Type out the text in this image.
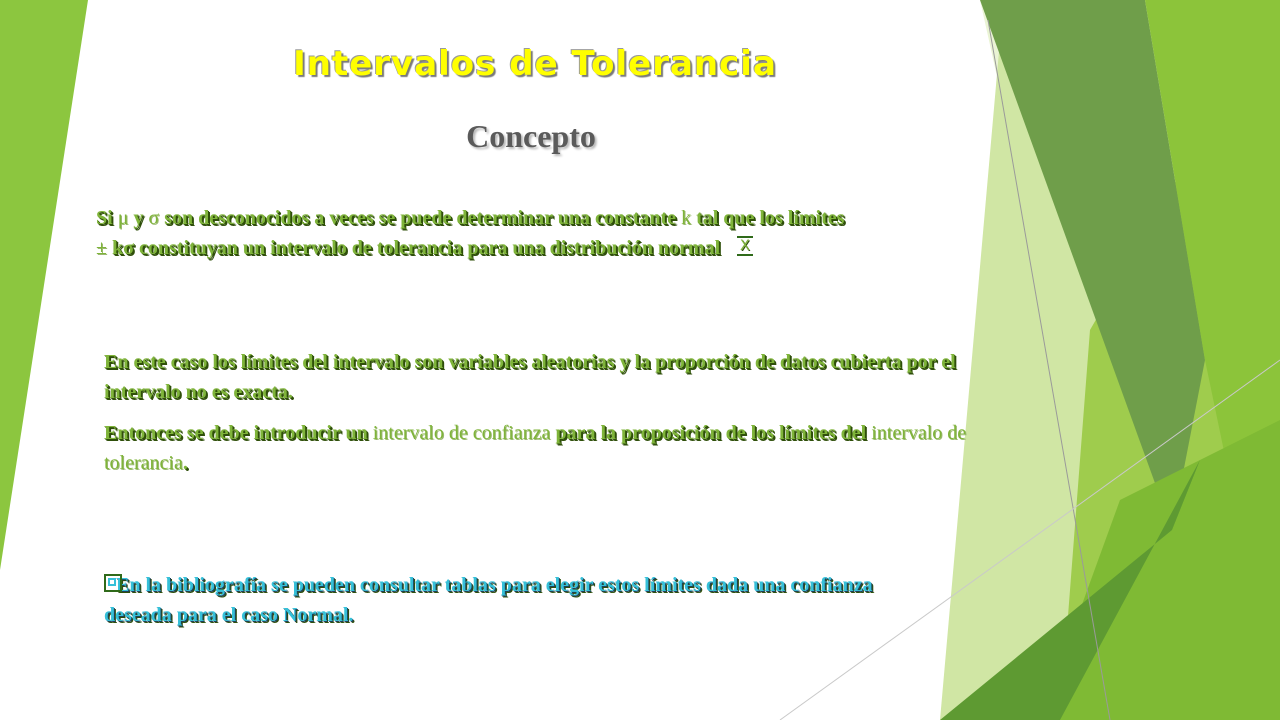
Intervalos de Tolerancia
Concepto
Si μ y σ son desconocidos a veces se puede determinar una constante k tal que los límites
± kσ constituyan un intervalo de tolerancia para una distribución normal X
En este caso los límites del intervalo son variables aleatorias y la proporción de datos cubierta por el intervalo no es exacta.
Entonces se debe introducir un intervalo de confianza para la proposición de los límites del intervalo de tolerancia.
En la bibliografía se pueden consultar tablas para elegir estos límites dada una confianza deseada para el caso Normal.
